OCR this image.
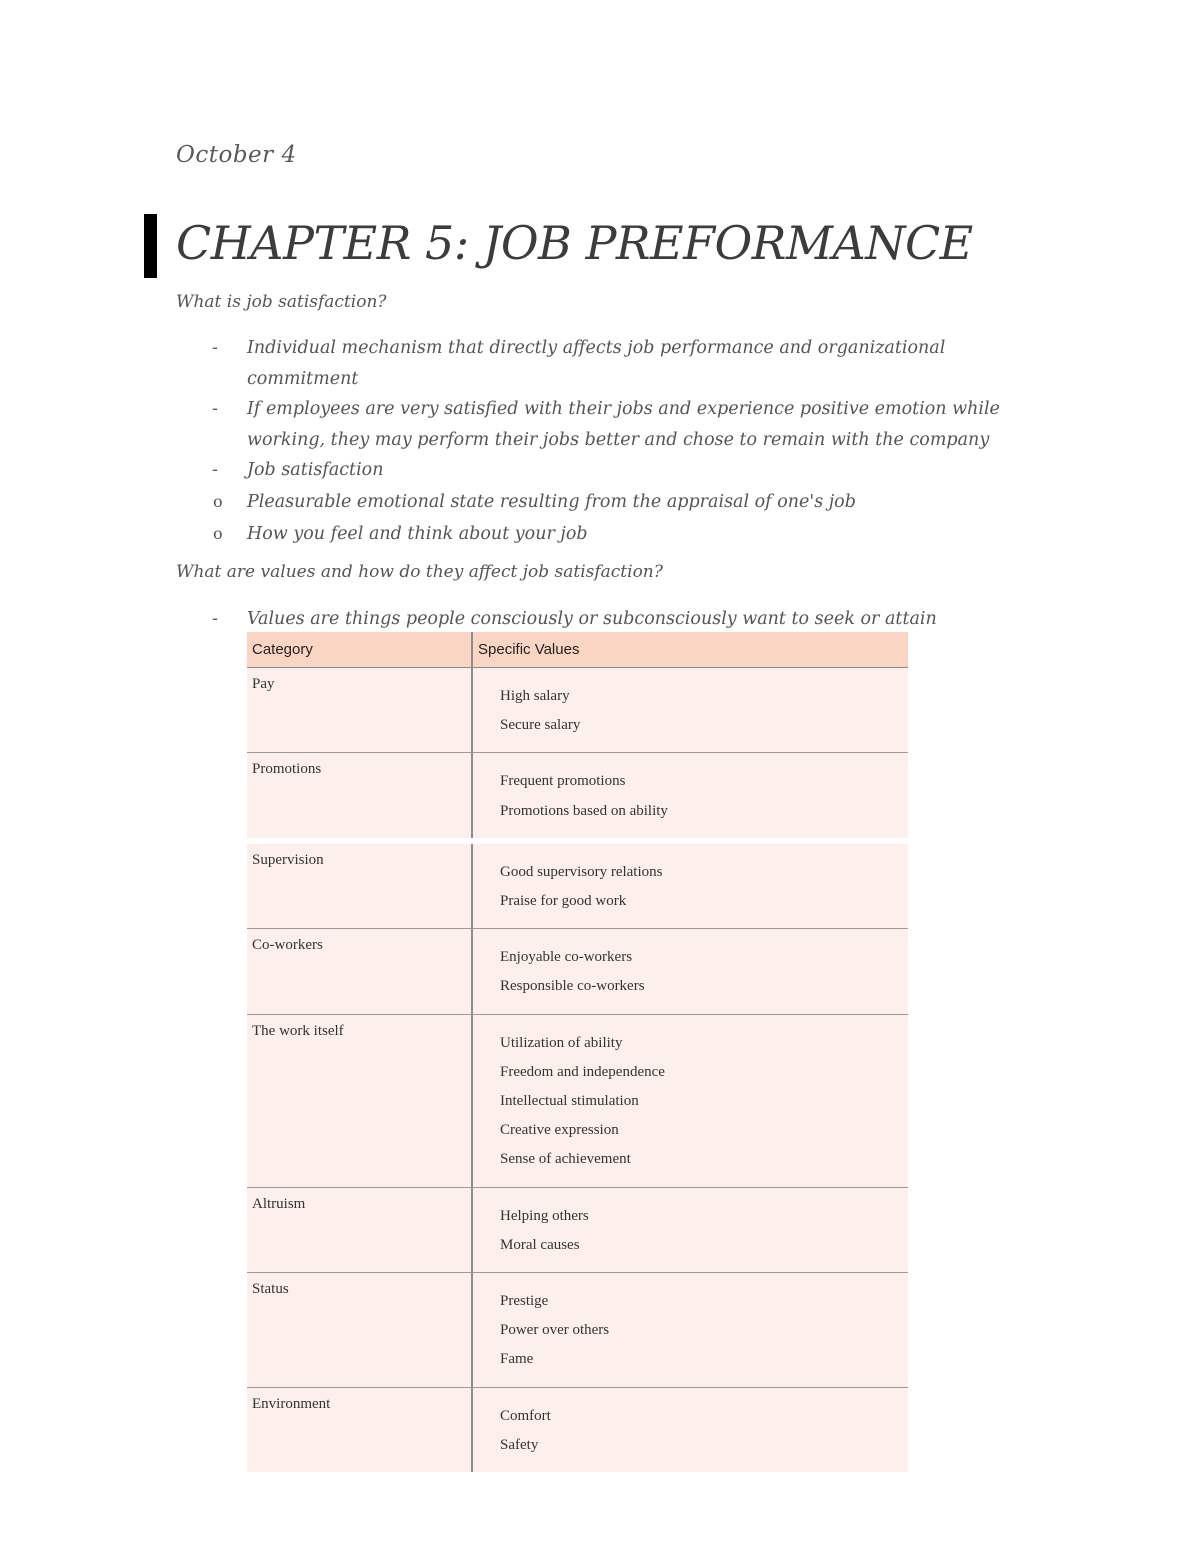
October 4
CHAPTER 5: JOB PREFORMANCE
What is job satisfaction?
- Individual mechanism that directly affects job performance and organizational
commitment
- If employees are very satisfied with their jobs and experience positive emotion while
working, they may perform their jobs better and chose to remain with the company
- Job satisfaction
o Pleasurable emotional state resulting from the appraisal of one's job
o How you feel and think about your job
What are values and how do they affect job satisfaction?
- Values are things people consciously or subconsciously want to seek or attain
Category	Specific Values
Pay	High salary
Secure salary

Promotions	Frequent promotions
Promotions based on ability

Supervision	Good supervisory relations
Praise for good work

Co-workers	Enjoyable co-workers
Responsible co-workers

The work itself	Utilization of ability
Freedom and independence
Intellectual stimulation
Creative expression
Sense of achievement

Altruism	Helping others
Moral causes

Status	Prestige
Power over others
Fame

Environment	Comfort
Safety
